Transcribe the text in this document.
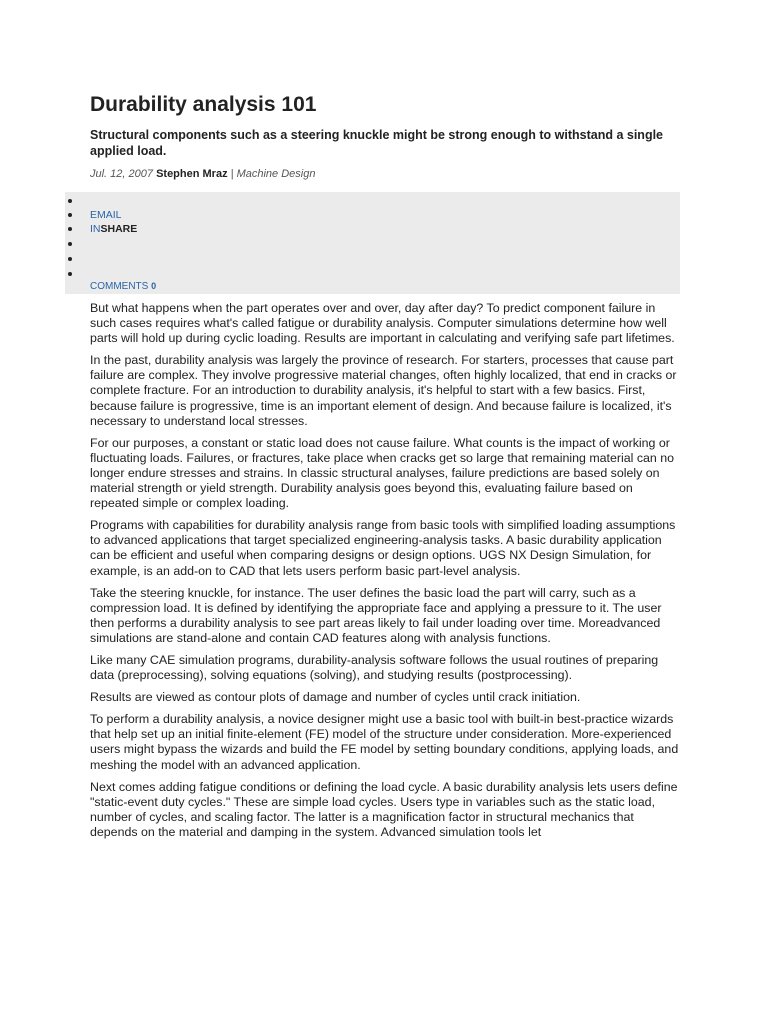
Durability analysis 101
Structural components such as a steering knuckle might be strong enough to withstand a single applied load.
Jul. 12, 2007 Stephen Mraz | Machine Design
EMAIL
INSHARE
COMMENTS 0

But what happens when the part operates over and over, day after day? To predict component failure in such cases requires what's called fatigue or durability analysis. Computer simulations determine how well parts will hold up during cyclic loading. Results are important in calculating and verifying safe part lifetimes.

In the past, durability analysis was largely the province of research. For starters, processes that cause part failure are complex. They involve progressive material changes, often highly localized, that end in cracks or complete fracture. For an introduction to durability analysis, it's helpful to start with a few basics. First, because failure is progressive, time is an important element of design. And because failure is localized, it's necessary to understand local stresses.

For our purposes, a constant or static load does not cause failure. What counts is the impact of working or fluctuating loads. Failures, or fractures, take place when cracks get so large that remaining material can no longer endure stresses and strains. In classic structural analyses, failure predictions are based solely on material strength or yield strength. Durability analysis goes beyond this, evaluating failure based on repeated simple or complex loading.

Programs with capabilities for durability analysis range from basic tools with simplified loading assumptions to advanced applications that target specialized engineering-analysis tasks. A basic durability application can be efficient and useful when comparing designs or design options. UGS NX Design Simulation, for example, is an add-on to CAD that lets users perform basic part-level analysis.

Take the steering knuckle, for instance. The user defines the basic load the part will carry, such as a compression load. It is defined by identifying the appropriate face and applying a pressure to it. The user then performs a durability analysis to see part areas likely to fail under loading over time. Moreadvanced simulations are stand-alone and contain CAD features along with analysis functions.

Like many CAE simulation programs, durability-analysis software follows the usual routines of preparing data (preprocessing), solving equations (solving), and studying results (postprocessing).

Results are viewed as contour plots of damage and number of cycles until crack initiation.

To perform a durability analysis, a novice designer might use a basic tool with built-in best-practice wizards that help set up an initial finite-element (FE) model of the structure under consideration. More-experienced users might bypass the wizards and build the FE model by setting boundary conditions, applying loads, and meshing the model with an advanced application.

Next comes adding fatigue conditions or defining the load cycle. A basic durability analysis lets users define "static-event duty cycles." These are simple load cycles. Users type in variables such as the static load, number of cycles, and scaling factor. The latter is a magnification factor in structural mechanics that depends on the material and damping in the system. Advanced simulation tools let
